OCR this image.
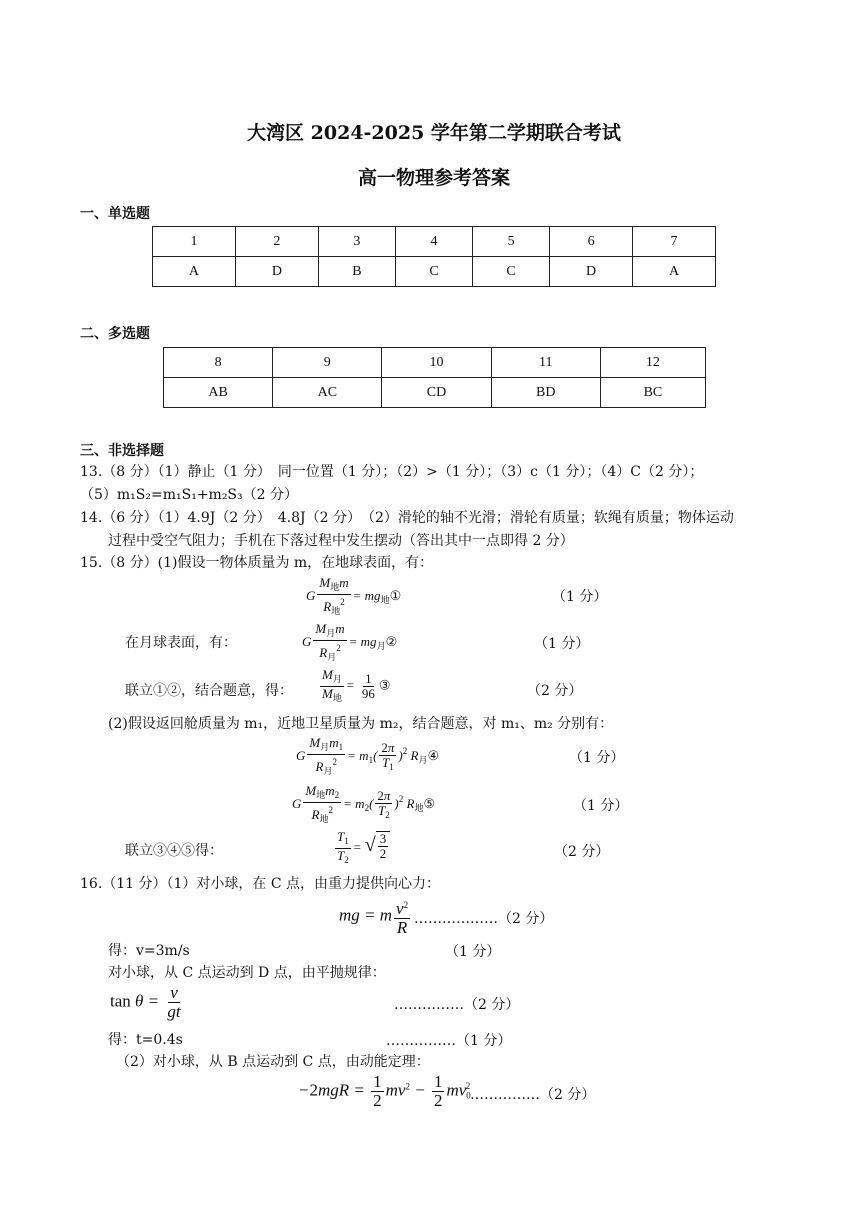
大湾区 2024-2025 学年第二学期联合考试
高一物理参考答案
一、单选题
1	2	3	4	5	6	7
A	D	B	C	C	D	A
二、多选题
8	9	10	11	12
AB	AC	CD	BD	BC
三、非选择题
13.（8 分）（1）静止（1 分）　同一位置（1 分）；（2）>（1 分）；（3）c（1 分）；（4）C（2 分）；
（5）m₁S₂=m₁S₁+m₂S₃（2 分）
14.（6 分）（1）4.9J（2 分）　4.8J（2 分）　（2）滑轮的轴不光滑；滑轮有质量；软绳有质量；物体运动
过程中受空气阻力；手机在下落过程中发生摆动（答出其中一点即得 2 分）
15.（8 分）(1)假设一物体质量为 m，在地球表面，有：
G $\frac{M_地m}{R_地^2}$ = $mg_地①$	（1 分）
在月球表面，有：	G $\frac{M_月m}{R_月^2}$ = $mg_月②$	（1 分）
联立①②，结合题意，得： $\frac{M_月}{M_地} = \frac{1}{96}$ ③	（2 分）
(2)假设返回舱质量为 m₁，近地卫星质量为 m₂，结合题意，对 m₁、m₂ 分别有：
G $\frac{M_月m_1}{R_月^2} = m_1( \frac{2\pi}{T_1} )^2$ $R_月④$	（1 分）
G $\frac{M_地m_2}{R_地^2} = m_2( \frac{2\pi}{T_2} )^2$ $R_地⑤$	（1 分）
联立③④⑤得：	$\frac{T_1}{T_2}$ = √ $\frac{3}{2}$	（2 分）
16.（11 分）（1）对小球，在 C 点，由重力提供向心力：
mg = m $\frac{v^2}{R}$ ………………（2 分）
得：v=3m/s	（1 分）
对小球，从 C 点运动到 D 点，由平抛规律：
$\tan \theta = \frac{v}{gt}$	……………（2 分）
得：t=0.4s	……………（1 分）
（2）对小球，从 B 点运动到 C 点，由动能定理：
$-2mgR = \frac{1}{2} mv^2 - \frac{1}{2} mv_0^2$
……………（2 分）
